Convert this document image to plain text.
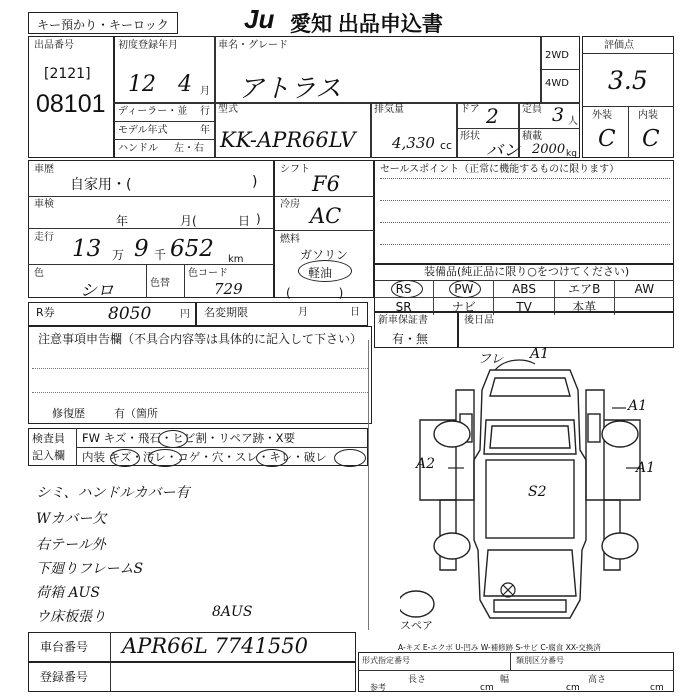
キー預かり・キーロック	Ju 愛知 出品申込書
出品番号
[2121]
08101
初度登録年月
12 4 月
車名・グレード
アトラス
2WD
4WD
ディーラー・並 行
モデル年式	年
ハンドル 左・右
型式
KK-APR66LV
排気量
4,330 cc
ドア 2 定員 3 人
形状
バン
積載
2000 kg
評価点
3.5
外装	内装
C C
車歴
自家用・(	)
車検
年	月(	日 )
走行 13 万 9 千 652 km
色
シロ	色替
色コード
729
シフト
F6
冷房 AC
燃料
ガソリン
軽油
(　　　　)
セールスポイント（正常に機能するものに限ります）
装備品(純正品に限り○をつけてください)
RS	PW	ABS	エアB	AW
SR	ナビ	TV	本革	
R券	8050	円 名変期限	月	日
新車保証書
有・無
後日品
注意事項申告欄（不具合内容等は具体的に記入して下さい）
修復歴	有（箇所
検査員
記入欄
FW キズ・飛石・ヒビ割・リペア跡・X要
内装 キズ・汚レ・コゲ・穴・スレ・キレ・破レ
シミ、ハンドルカバー有
Wカバー欠
右テール外
下廻りフレームS
荷箱 AUS
ウ床板張り	8AUS
フレ A1
A1
A2	A1
S2
スペア
A-キズ E-エクボ U-凹み W-補修跡 S-サビ C-腐食 XX-交換済
車台番号 APR66L 7741550
登録番号
形式指定番号	類別区分番号
参考
長さ
cm
幅
cm
高さ
cm
